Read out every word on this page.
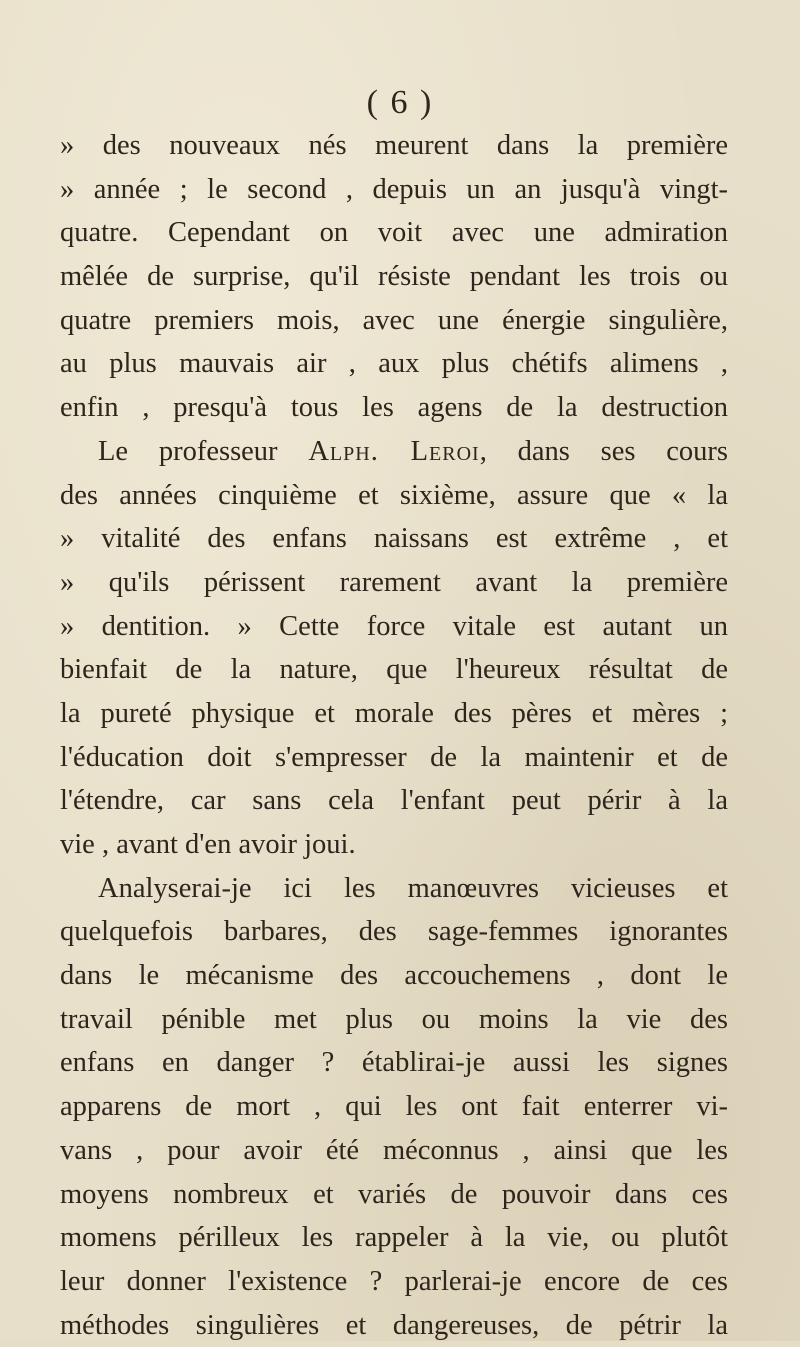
( 6 )
» des nouveaux nés meurent dans la première
» année ; le second , depuis un an jusqu'à vingt-
quatre. Cependant on voit avec une admiration
mêlée de surprise, qu'il résiste pendant les trois ou
quatre premiers mois, avec une énergie singulière,
au plus mauvais air , aux plus chétifs alimens ,
enfin , presqu'à tous les agens de la destruction
Le professeur Alph. Leroi, dans ses cours
des années cinquième et sixième, assure que « la
» vitalité des enfans naissans est extrême , et
» qu'ils périssent rarement avant la première
» dentition. » Cette force vitale est autant un
bienfait de la nature, que l'heureux résultat de
la pureté physique et morale des pères et mères ;
l'éducation doit s'empresser de la maintenir et de
l'étendre, car sans cela l'enfant peut périr à la
vie , avant d'en avoir joui.
Analyserai-je ici les manœuvres vicieuses et
quelquefois barbares, des sage-femmes ignorantes
dans le mécanisme des accouchemens , dont le
travail pénible met plus ou moins la vie des
enfans en danger ? établirai-je aussi les signes
apparens de mort , qui les ont fait enterrer vi-
vans , pour avoir été méconnus , ainsi que les
moyens nombreux et variés de pouvoir dans ces
momens périlleux les rappeler à la vie, ou plutôt
leur donner l'existence ? parlerai-je encore de ces
méthodes singulières et dangereuses, de pétrir la
